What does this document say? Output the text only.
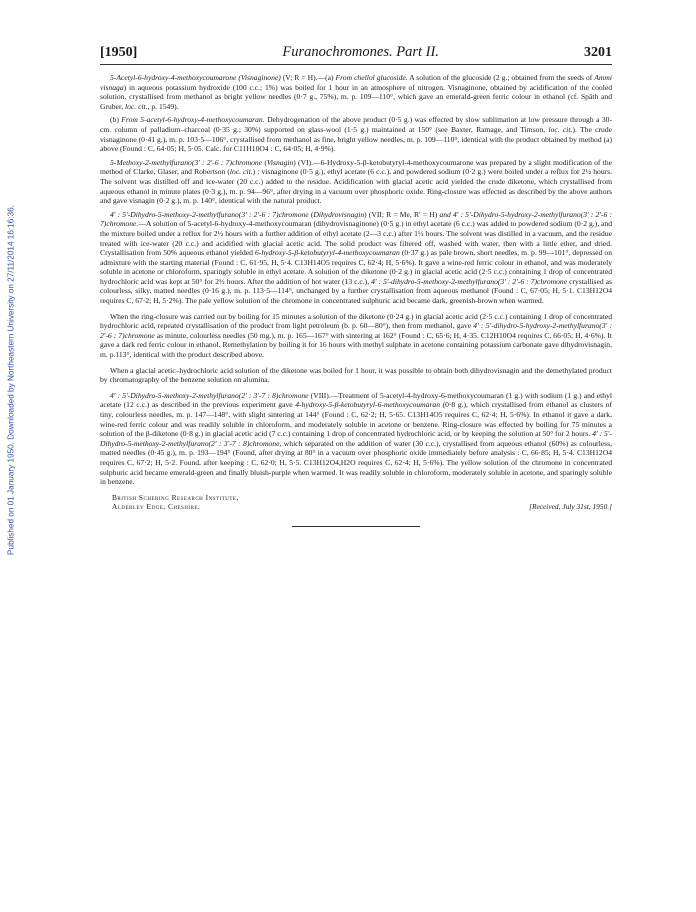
Published on 01 January 1950. Downloaded by Northeastern University on 27/11/2014 16:16:36.
[1950]	Furanochromones. Part II.	3201

5-Acetyl-6-hydroxy-4-methoxycoumarone (Visnaginone) (V; R = H).—(a) From chellol glucoside. A solution of the glucoside (2 g.; obtained from the seeds of Ammi visnaga) in aqueous potassium hydroxide (100 c.c.; 1%) was boiled for 1 hour in an atmosphere of nitrogen. Visnaginone, obtained by acidification of the cooled solution, crystallised from methanol as bright yellow needles (0·7 g., 75%), m. p. 109—110°, which gave an emerald-green ferric colour in ethanol (cf. Späth and Gruber, loc. cit., p. 1549).

(b) From 5-acetyl-6-hydroxy-4-methoxycoumaran. Dehydrogenation of the above product (0·5 g.) was effected by slow sublimation at low pressure through a 30-cm. column of palladium–charcoal (0·35 g.; 30%) supported on glass-wool (1·5 g.) maintained at 150° (see Baxter, Ramage, and Timson, loc. cit.). The crude visnaginone (0·41 g.), m. p. 103·5—106°, crystallised from methanol as fine, bright yellow needles, m. p. 109—110°, identical with the product obtained by method (a) above (Found : C, 64·05; H, 5·05. Calc. for C11H10O4 : C, 64·05; H, 4·9%).

5-Methoxy-2-methylfurano(3′ : 2′-6 : 7)chromone (Visnagin) (VI).—6-Hydroxy-5-β-ketobutyryl-4-methoxycoumarone was prepared by a slight modification of the method of Clarke, Glaser, and Robertson (loc. cit.) : visnaginone (0·5 g.), ethyl acetate (6 c.c.), and powdered sodium (0·2 g.) were boiled under a reflux for 2½ hours. The solvent was distilled off and ice-water (20 c.c.) added to the residue. Acidification with glacial acetic acid yielded the crude diketone, which crystallised from aqueous ethanol in minute plates (0·3 g.), m. p. 94—96°, after drying in a vacuum over phosphoric oxide. Ring-closure was effected as described by the above authors and gave visnagin (0·2 g.), m. p. 140°, identical with the natural product.

4′ : 5′-Dihydro-5-methoxy-2-methylfurano(3′ : 2′-6 : 7)chromone (Dihydrovisnagin) (VII; R = Me, R′ = H) and 4′ : 5′-Dihydro-5-hydroxy-2-methylfurano(3′ : 2′-6 : 7)chromone.—A solution of 5-acetyl-6-hydroxy-4-methoxycoumaran (dihydrovisnaginone) (0·5 g.) in ethyl acetate (6 c.c.) was added to powdered sodium (0·2 g.), and the mixture boiled under a reflux for 2½ hours with a further addition of ethyl acetate (2—3 c.c.) after 1½ hours. The solvent was distilled in a vacuum, and the residue treated with ice-water (20 c.c.) and acidified with glacial acetic acid. The solid product was filtered off, washed with water, then with a little ether, and dried. Crystallisation from 50% aqueous ethanol yielded 6-hydroxy-5-β-ketobutyryl-4-methoxycoumaran (0·37 g.) as pale brown, short needles, m. p. 99—101°, depressed on admixture with the starting material (Found : C, 61·95, H, 5·4. C13H14O5 requires C, 62·4; H, 5·6%). It gave a wine-red ferric colour in ethanol, and was moderately soluble in acetone or chloroform, sparingly soluble in ethyl acetate. A solution of the diketone (0·2 g.) in glacial acetic acid (2·5 c.c.) containing 1 drop of concentrated hydrochloric acid was kept at 50° for 2½ hours. After the addition of hot water (13 c.c.), 4′ : 5′-dihydro-5-methoxy-2-methylfurano(3′ : 2′-6 : 7)chromone crystallised as colourless, silky, matted needles (0·16 g.), m. p. 113·5—114°, unchanged by a further crystallisation from aqueous methanol (Found : C, 67·05; H, 5·1. C13H12O4 requires C, 67·2; H, 5·2%). The pale yellow solution of the chromone in concentrated sulphuric acid became dark, greenish-brown when warmed.

When the ring-closure was carried out by boiling for 15 minutes a solution of the diketone (0·24 g.) in glacial acetic acid (2·5 c.c.) containing 1 drop of concentrated hydrochloric acid, repeated crystallisation of the product from light petroleum (b. p. 60—80°), then from methanol, gave 4′ : 5′-dihydro-5-hydroxy-2-methylfurano(3′ : 2′-6 : 7)chromone as minute, colourless needles (50 mg.), m. p. 165—167° with sintering at 162° (Found : C, 65·6; H, 4·35. C12H10O4 requires C, 66·05; H, 4·6%). It gave a dark red ferric colour in ethanol. Remethylation by boiling it for 16 hours with methyl sulphate in acetone containing potassium carbonate gave dihydrovisnagin, m. p.113°, identical with the product described above.

When a glacial acetic–hydrochloric acid solution of the diketone was boiled for 1 hour, it was possible to obtain both dihydrovisnagin and the demethylated product by chromatography of the benzene solution on alumina.

4′ : 5′-Dihydro-5-methoxy-2-methylfurano(2′ : 3′-7 : 8)chromone (VIII).—Treatment of 5-acetyl-4-hydroxy-6-methoxycoumaran (1 g.) with sodium (1 g.) and ethyl acetate (12 c.c.) as described in the previous experiment gave 4-hydroxy-5-β-ketobutyryl-6-methoxycoumaran (0·8 g.), which crystallised from ethanol as clusters of tiny, colourless needles, m. p. 147—148°, with slight sintering at 144° (Found : C, 62·2; H, 5·65. C13H14O5 requires C, 62·4; H, 5·6%). In ethanol it gave a dark, wine-red ferric colour and was readily soluble in chloroform, and moderately soluble in acetone or benzene. Ring-closure was effected by boiling for 75 minutes a solution of the β-diketone (0·8 g.) in glacial acetic acid (7 c.c.) containing 1 drop of concentrated hydrochloric acid, or by keeping the solution at 50° for 2 hours. 4′ : 5′-Dihydro-5-methoxy-2-methylfurano(2′ : 3′-7 : 8)chromone, which separated on the addition of water (30 c.c.), crystallised from aqueous ethanol (60%) as colourless, matted needles (0·45 g.), m. p. 193—194° (Found, after drying at 80° in a vacuum over phosphoric oxide immediately before analysis : C, 66·85; H, 5·4. C13H12O4 requires C, 67·2; H, 5·2. Found, after keeping : C, 62·0; H, 5·5. C13H12O4,H2O requires C, 62·4; H, 5·6%). The yellow solution of the chromone in concentrated sulphuric acid became emerald-green and finally bluish-purple when warmed. It was readily soluble in chloroform, moderately soluble in acetone, and sparingly soluble in benzene.

British Schering Research Institute,
Alderley Edge, Cheshire.	[Received, July 31st, 1950.]
